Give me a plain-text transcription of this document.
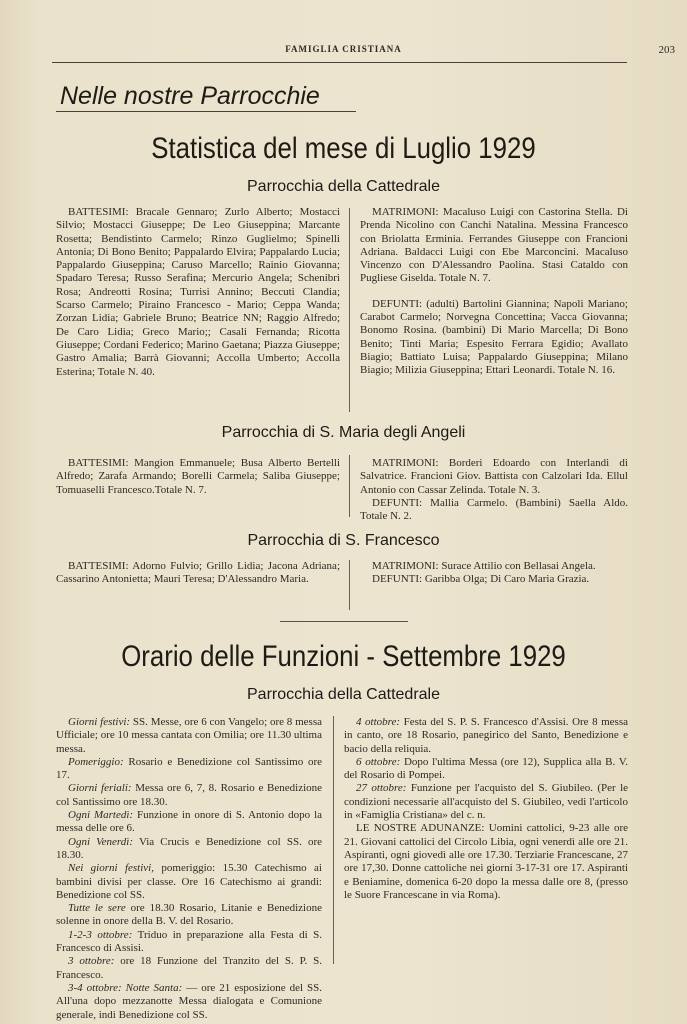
FAMIGLIA CRISTIANA	203
Nelle nostre Parrocchie
Statistica del mese di Luglio 1929
Parrocchia della Cattedrale

BATTESIMI: Bracale Gennaro; Zurlo Alberto; Mostacci Silvio; Mostacci Giuseppe; De Leo Giuseppina; Marcante Rosetta; Bendistinto Carmelo; Rinzo Guglielmo; Spinelli Antonia; Di Bono Benito; Pappalardo Elvira; Pappalardo Lucia; Pappalardo Giuseppina; Caruso Marcello; Rainio Giovanna; Spadaro Teresa; Russo Serafina; Mercurio Angela; Schenibri Rosa; Andreotti Rosina; Turrisi Annino; Beccuti Clandia; Scarso Carmelo; Piraino Francesco - Mario; Ceppa Wanda; Zorzan Lidia; Gabriele Bruno; Beatrice NN; Raggio Alfredo; De Caro Lidia; Greco Mario;; Casali Fernanda; Ricotta Giuseppe; Cordani Federico; Marino Gaetana; Piazza Giuseppe; Gastro Amalia; Barrà Giovanni; Accolla Umberto; Accolla Esterina; Totale N. 40.

MATRIMONI: Macaluso Luigi con Castorina Stella. Di Prenda Nicolino con Canchi Natalina. Messina Francesco con Briolatta Erminia. Ferrandes Giuseppe con Francioni Adriana. Baldacci Luigi con Ebe Marconcini. Macaluso Vincenzo con D'Alessandro Paolina. Stasi Cataldo con Pugliese Giselda. Totale N. 7.

DEFUNTI: (adulti) Bartolini Giannina; Napoli Mariano; Carabot Carmelo; Norvegna Concettina; Vacca Giovanna; Bonomo Rosina. (bambini) Di Mario Marcella; Di Bono Benito; Tinti Maria; Espesito Ferrara Egidio; Avallato Biagio; Battiato Luisa; Pappalardo Giuseppina; Milano Biagio; Milizia Giuseppina; Ettari Leonardi. Totale N. 16.

Parrocchia di S. Maria degli Angeli

BATTESIMI: Mangion Emmanuele; Busa Alberto Bertelli Alfredo; Zarafa Armando; Borelli Carmela; Saliba Giuseppe; Tomuaselli Francesco.Totale N. 7.

MATRIMONI: Borderi Edoardo con Interlandi di Salvatrice. Francioni Giov. Battista con Calzolari Ida. Ellul Antonio con Cassar Zelinda. Totale N. 3.

DEFUNTI: Mallia Carmelo. (Bambini) Saella Aldo. Totale N. 2.

Parrocchia di S. Francesco

BATTESIMI: Adorno Fulvio; Grillo Lidia; Jacona Adriana; Cassarino Antonietta; Mauri Teresa; D'Alessandro Maria.

MATRIMONI: Surace Attilio con Bellasai Angela.

DEFUNTI: Garibba Olga; Di Caro Maria Grazia.

Orario delle Funzioni - Settembre 1929
Parrocchia della Cattedrale

Giorni festivi: SS. Messe, ore 6 con Vangelo; ore 8 messa Ufficiale; ore 10 messa cantata con Omilia; ore 11.30 ultima messa.

Pomeriggio: Rosario e Benedizione col Santissimo ore 17.

Giorni feriali: Messa ore 6, 7, 8. Rosario e Benedizione col Santissimo ore 18.30.

Ogni Martedì: Funzione in onore di S. Antonio dopo la messa delle ore 6.

Ogni Venerdì: Via Crucis e Benedizione col SS. ore 18.30.

Nei giorni festivi, pomeriggio: 15.30 Catechismo ai bambini divisi per classe. Ore 16 Catechismo ai grandi: Benedizione col SS.

Tutte le sere ore 18.30 Rosario, Litanie e Benedizione solenne in onore della B. V. del Rosario.

1-2-3 ottobre: Triduo in preparazione alla Festa di S. Francesco di Assisi.

3 ottobre: ore 18 Funzione del Tranzito del S. P. S. Francesco.

3-4 ottobre: Notte Santa: — ore 21 esposizione del SS. All'una dopo mezzanotte Messa dialogata e Comunione generale, indi Benedizione col SS.

4 ottobre: Festa del S. P. S. Francesco d'Assisi. Ore 8 messa in canto, ore 18 Rosario, panegirico del Santo, Benedizione e bacio della reliquia.

6 ottobre: Dopo l'ultima Messa (ore 12), Supplica alla B. V. del Rosario di Pompei.

27 ottobre: Funzione per l'acquisto del S. Giubileo. (Per le condizioni necessarie all'acquisto del S. Giubileo, vedi l'articolo in «Famiglia Cristiana» del c. n.

LE NOSTRE ADUNANZE: Uomini cattolici, 9-23 alle ore 21. Giovani cattolici del Circolo Libia, ogni venerdì alle ore 21. Aspiranti, ogni giovedì alle ore 17.30. Terziarie Francescane, 27 ore 17,30. Donne cattoliche nei giorni 3-17-31 ore 17. Aspiranti e Beniamine, domenica 6-20 dopo la messa dalle ore 8, (presso le Suore Francescane in via Roma).
